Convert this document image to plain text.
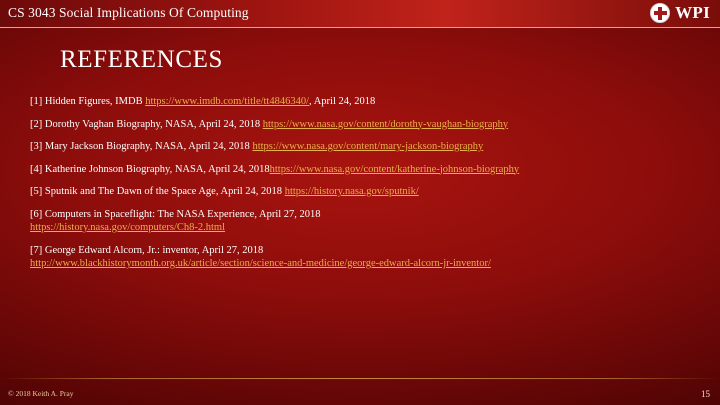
CS 3043 Social Implications Of Computing	WPI
REFERENCES
[1] Hidden Figures, IMDB https://www.imdb.com/title/tt4846340/, April 24, 2018
[2] Dorothy Vaghan Biography, NASA, April 24, 2018 https://www.nasa.gov/content/dorothy-vaughan-biography
[3] Mary Jackson Biography, NASA, April 24, 2018 https://www.nasa.gov/content/mary-jackson-biography
[4] Katherine Johnson Biography, NASA, April 24, 2018https://www.nasa.gov/content/katherine-johnson-biography
[5] Sputnik and The Dawn of the Space Age, April 24, 2018 https://history.nasa.gov/sputnik/
[6] Computers in Spaceflight: The NASA Experience, April 27, 2018
https://history.nasa.gov/computers/Ch8-2.html
[7] George Edward Alcorn, Jr.: inventor, April 27, 2018
http://www.blackhistorymonth.org.uk/article/section/science-and-medicine/george-edward-alcorn-jr-inventor/
© 2018 Keith A. Pray	15
